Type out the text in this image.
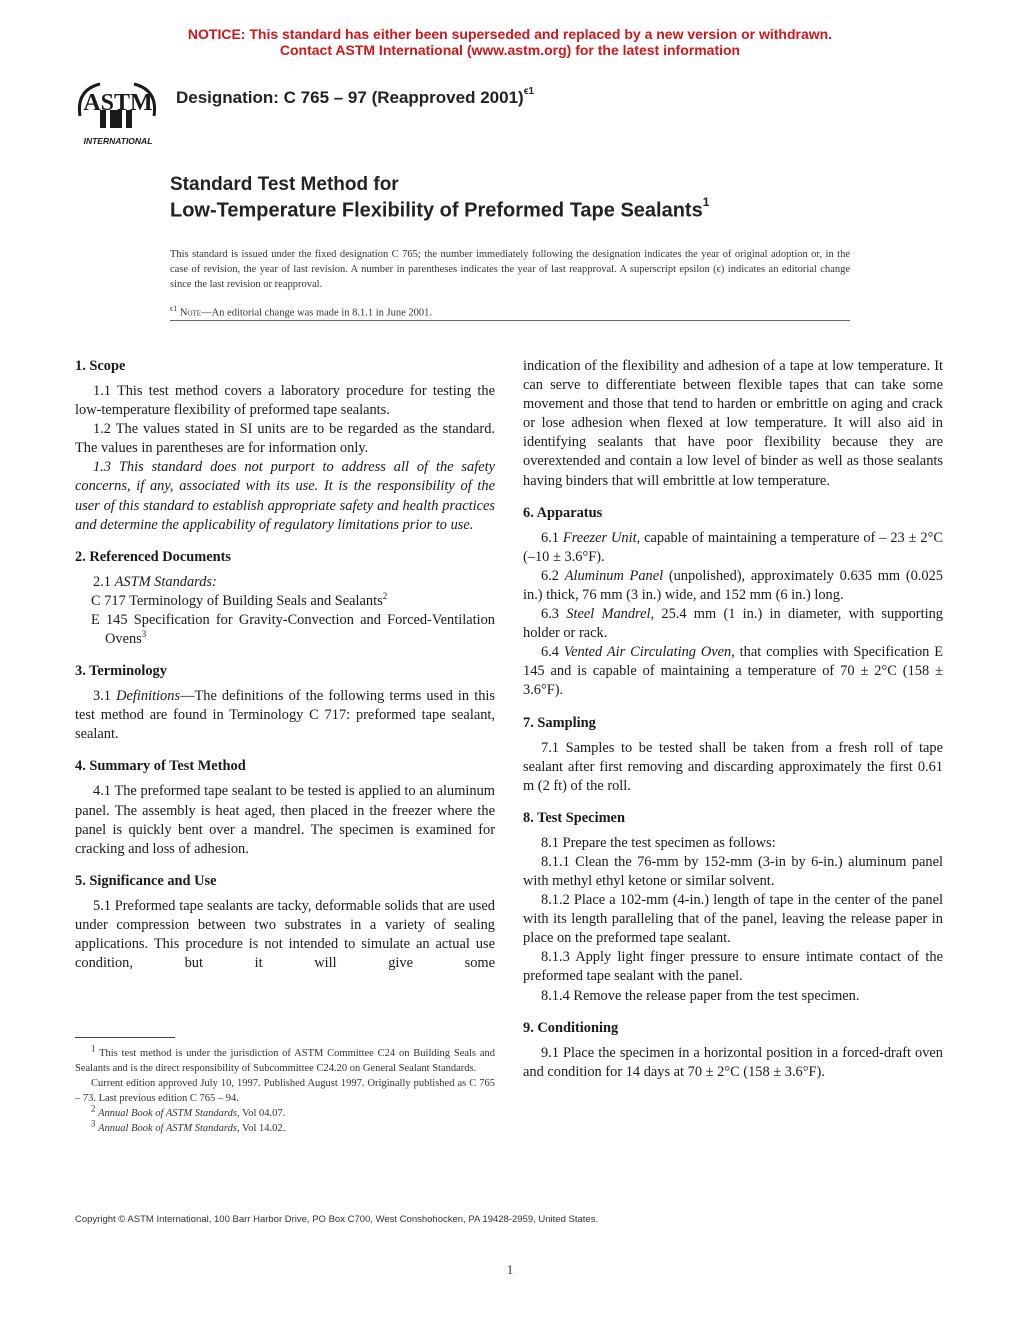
NOTICE: This standard has either been superseded and replaced by a new version or withdrawn.
Contact ASTM International (www.astm.org) for the latest information
ASTM
INTERNATIONAL
Designation: C 765 – 97 (Reapproved 2001)$^{\epsilon 1}$
Standard Test Method for
Low-Temperature Flexibility of Preformed Tape Sealants$^1$
This standard is issued under the fixed designation C 765; the number immediately following the designation indicates the year of original adoption or, in the case of revision, the year of last revision. A number in parentheses indicates the year of last reapproval. A superscript epsilon (ϵ) indicates an editorial change since the last revision or reapproval.
$^{\epsilon 1}$ Note—An editorial change was made in 8.1.1 in June 2001.
1. Scope

1.1 This test method covers a laboratory procedure for testing the low-temperature flexibility of preformed tape sealants.

1.2 The values stated in SI units are to be regarded as the standard. The values in parentheses are for information only.

1.3 This standard does not purport to address all of the safety concerns, if any, associated with its use. It is the responsibility of the user of this standard to establish appropriate safety and health practices and determine the applicability of regulatory limitations prior to use.

2. Referenced Documents

2.1 ASTM Standards:

C 717 Terminology of Building Seals and Sealants$^2$

E 145 Specification for Gravity-Convection and Forced-Ventilation Ovens$^3$

3. Terminology

3.1 Definitions—The definitions of the following terms used in this test method are found in Terminology C 717: preformed tape sealant, sealant.

4. Summary of Test Method

4.1 The preformed tape sealant to be tested is applied to an aluminum panel. The assembly is heat aged, then placed in the freezer where the panel is quickly bent over a mandrel. The specimen is examined for cracking and loss of adhesion.

5. Significance and Use

5.1 Preformed tape sealants are tacky, deformable solids that are used under compression between two substrates in a variety of sealing applications. This procedure is not intended to simulate an actual use condition, but it will give some

$^1$ This test method is under the jurisdiction of ASTM Committee C24 on Building Seals and Sealants and is the direct responsibility of Subcommittee C24.20 on General Sealant Standards.

Current edition approved July 10, 1997. Published August 1997. Originally published as C 765 – 73. Last previous edition C 765 – 94.

$^2$ Annual Book of ASTM Standards, Vol 04.07.

$^3$ Annual Book of ASTM Standards, Vol 14.02.

indication of the flexibility and adhesion of a tape at low temperature. It can serve to differentiate between flexible tapes that can take some movement and those that tend to harden or embrittle on aging and crack or lose adhesion when flexed at low temperature. It will also aid in identifying sealants that have poor flexibility because they are overextended and contain a low level of binder as well as those sealants having binders that will embrittle at low temperature.

6. Apparatus

6.1 Freezer Unit, capable of maintaining a temperature of – 23 ± 2°C (–10 ± 3.6°F).

6.2 Aluminum Panel (unpolished), approximately 0.635 mm (0.025 in.) thick, 76 mm (3 in.) wide, and 152 mm (6 in.) long.

6.3 Steel Mandrel, 25.4 mm (1 in.) in diameter, with supporting holder or rack.

6.4 Vented Air Circulating Oven, that complies with Specification E 145 and is capable of maintaining a temperature of 70 ± 2°C (158 ± 3.6°F).

7. Sampling

7.1 Samples to be tested shall be taken from a fresh roll of tape sealant after first removing and discarding approximately the first 0.61 m (2 ft) of the roll.

8. Test Specimen

8.1 Prepare the test specimen as follows:

8.1.1 Clean the 76-mm by 152-mm (3-in by 6-in.) aluminum panel with methyl ethyl ketone or similar solvent.

8.1.2 Place a 102-mm (4-in.) length of tape in the center of the panel with its length paralleling that of the panel, leaving the release paper in place on the preformed tape sealant.

8.1.3 Apply light finger pressure to ensure intimate contact of the preformed tape sealant with the panel.

8.1.4 Remove the release paper from the test specimen.

9. Conditioning

9.1 Place the specimen in a horizontal position in a forced-draft oven and condition for 14 days at 70 ± 2°C (158 ± 3.6°F).

Copyright © ASTM International, 100 Barr Harbor Drive, PO Box C700, West Conshohocken, PA 19428-2959, United States.
1
